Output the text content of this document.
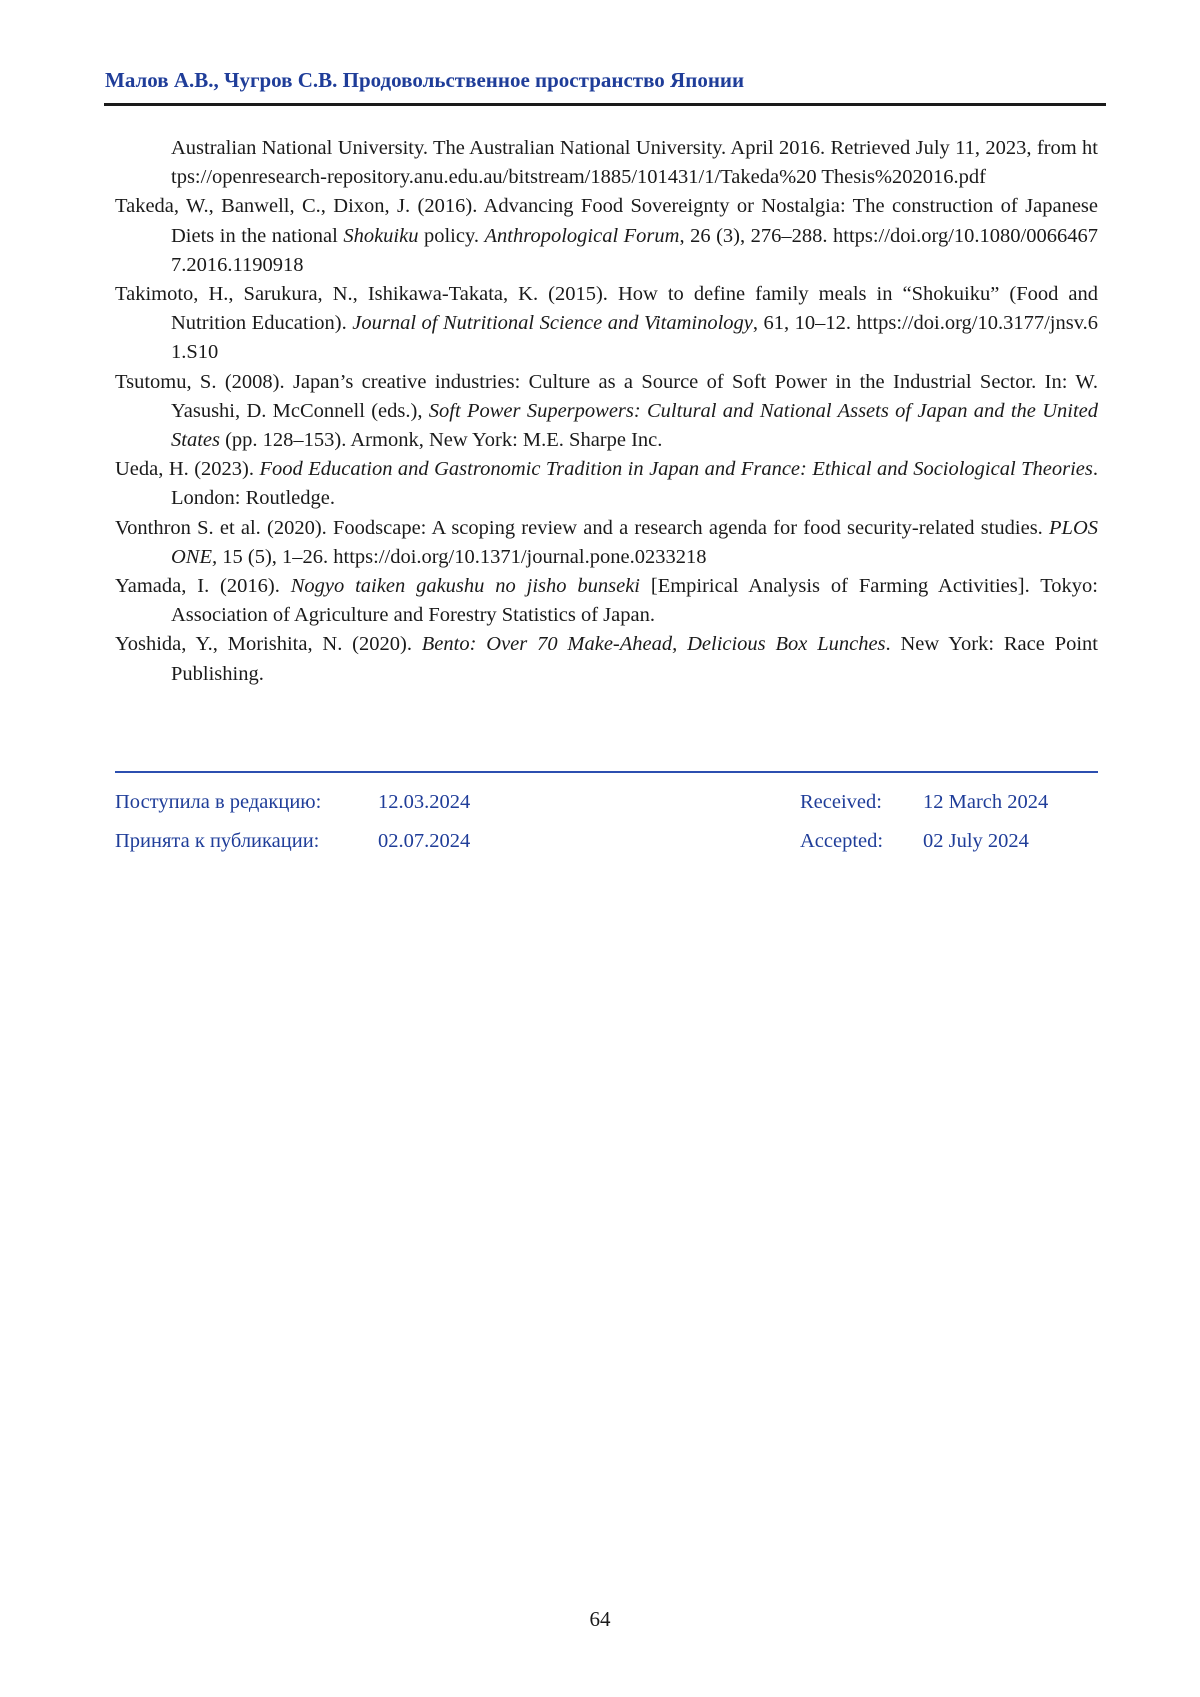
Малов А.В., Чугров С.В. Продовольственное пространство Японии

Australian National University. The Australian National University. April 2016. Retrieved July 11, 2023, from https://openresearch-repository.anu.edu.au/bitstream/1885/101431/1/Takeda%20 Thesis%202016.pdf

Takeda, W., Banwell, C., Dixon, J. (2016). Advancing Food Sovereignty or Nostalgia: The construction of Japanese Diets in the national Shokuiku policy. Anthropological Forum, 26 (3), 276–288. https://doi.org/10.1080/00664677.2016.1190918

Takimoto, H., Sarukura, N., Ishikawa-Takata, K. (2015). How to define family meals in “Shokuiku” (Food and Nutrition Education). Journal of Nutritional Science and Vitaminology, 61, 10–12. https://doi.org/10.3177/jnsv.61.S10

Tsutomu, S. (2008). Japan’s creative industries: Culture as a Source of Soft Power in the Industrial Sector. In: W. Yasushi, D. McConnell (eds.), Soft Power Superpowers: Cultural and National Assets of Japan and the United States (pp. 128–153). Armonk, New York: M.E. Sharpe Inc.

Ueda, H. (2023). Food Education and Gastronomic Tradition in Japan and France: Ethical and Sociological Theories. London: Routledge.

Vonthron S. et al. (2020). Foodscape: A scoping review and a research agenda for food security-related studies. PLOS ONE, 15 (5), 1–26. https://doi.org/10.1371/journal.pone.0233218

Yamada, I. (2016). Nogyo taiken gakushu no jisho bunseki [Empirical Analysis of Farming Activities]. Tokyo: Association of Agriculture and Forestry Statistics of Japan.

Yoshida, Y., Morishita, N. (2020). Bento: Over 70 Make-Ahead, Delicious Box Lunches. New York: Race Point Publishing.

Поступила в редакцию:	12.03.2024	Received: 12 March 2024
Принята к публикации:	02.07.2024	Accepted: 02 July 2024
64
